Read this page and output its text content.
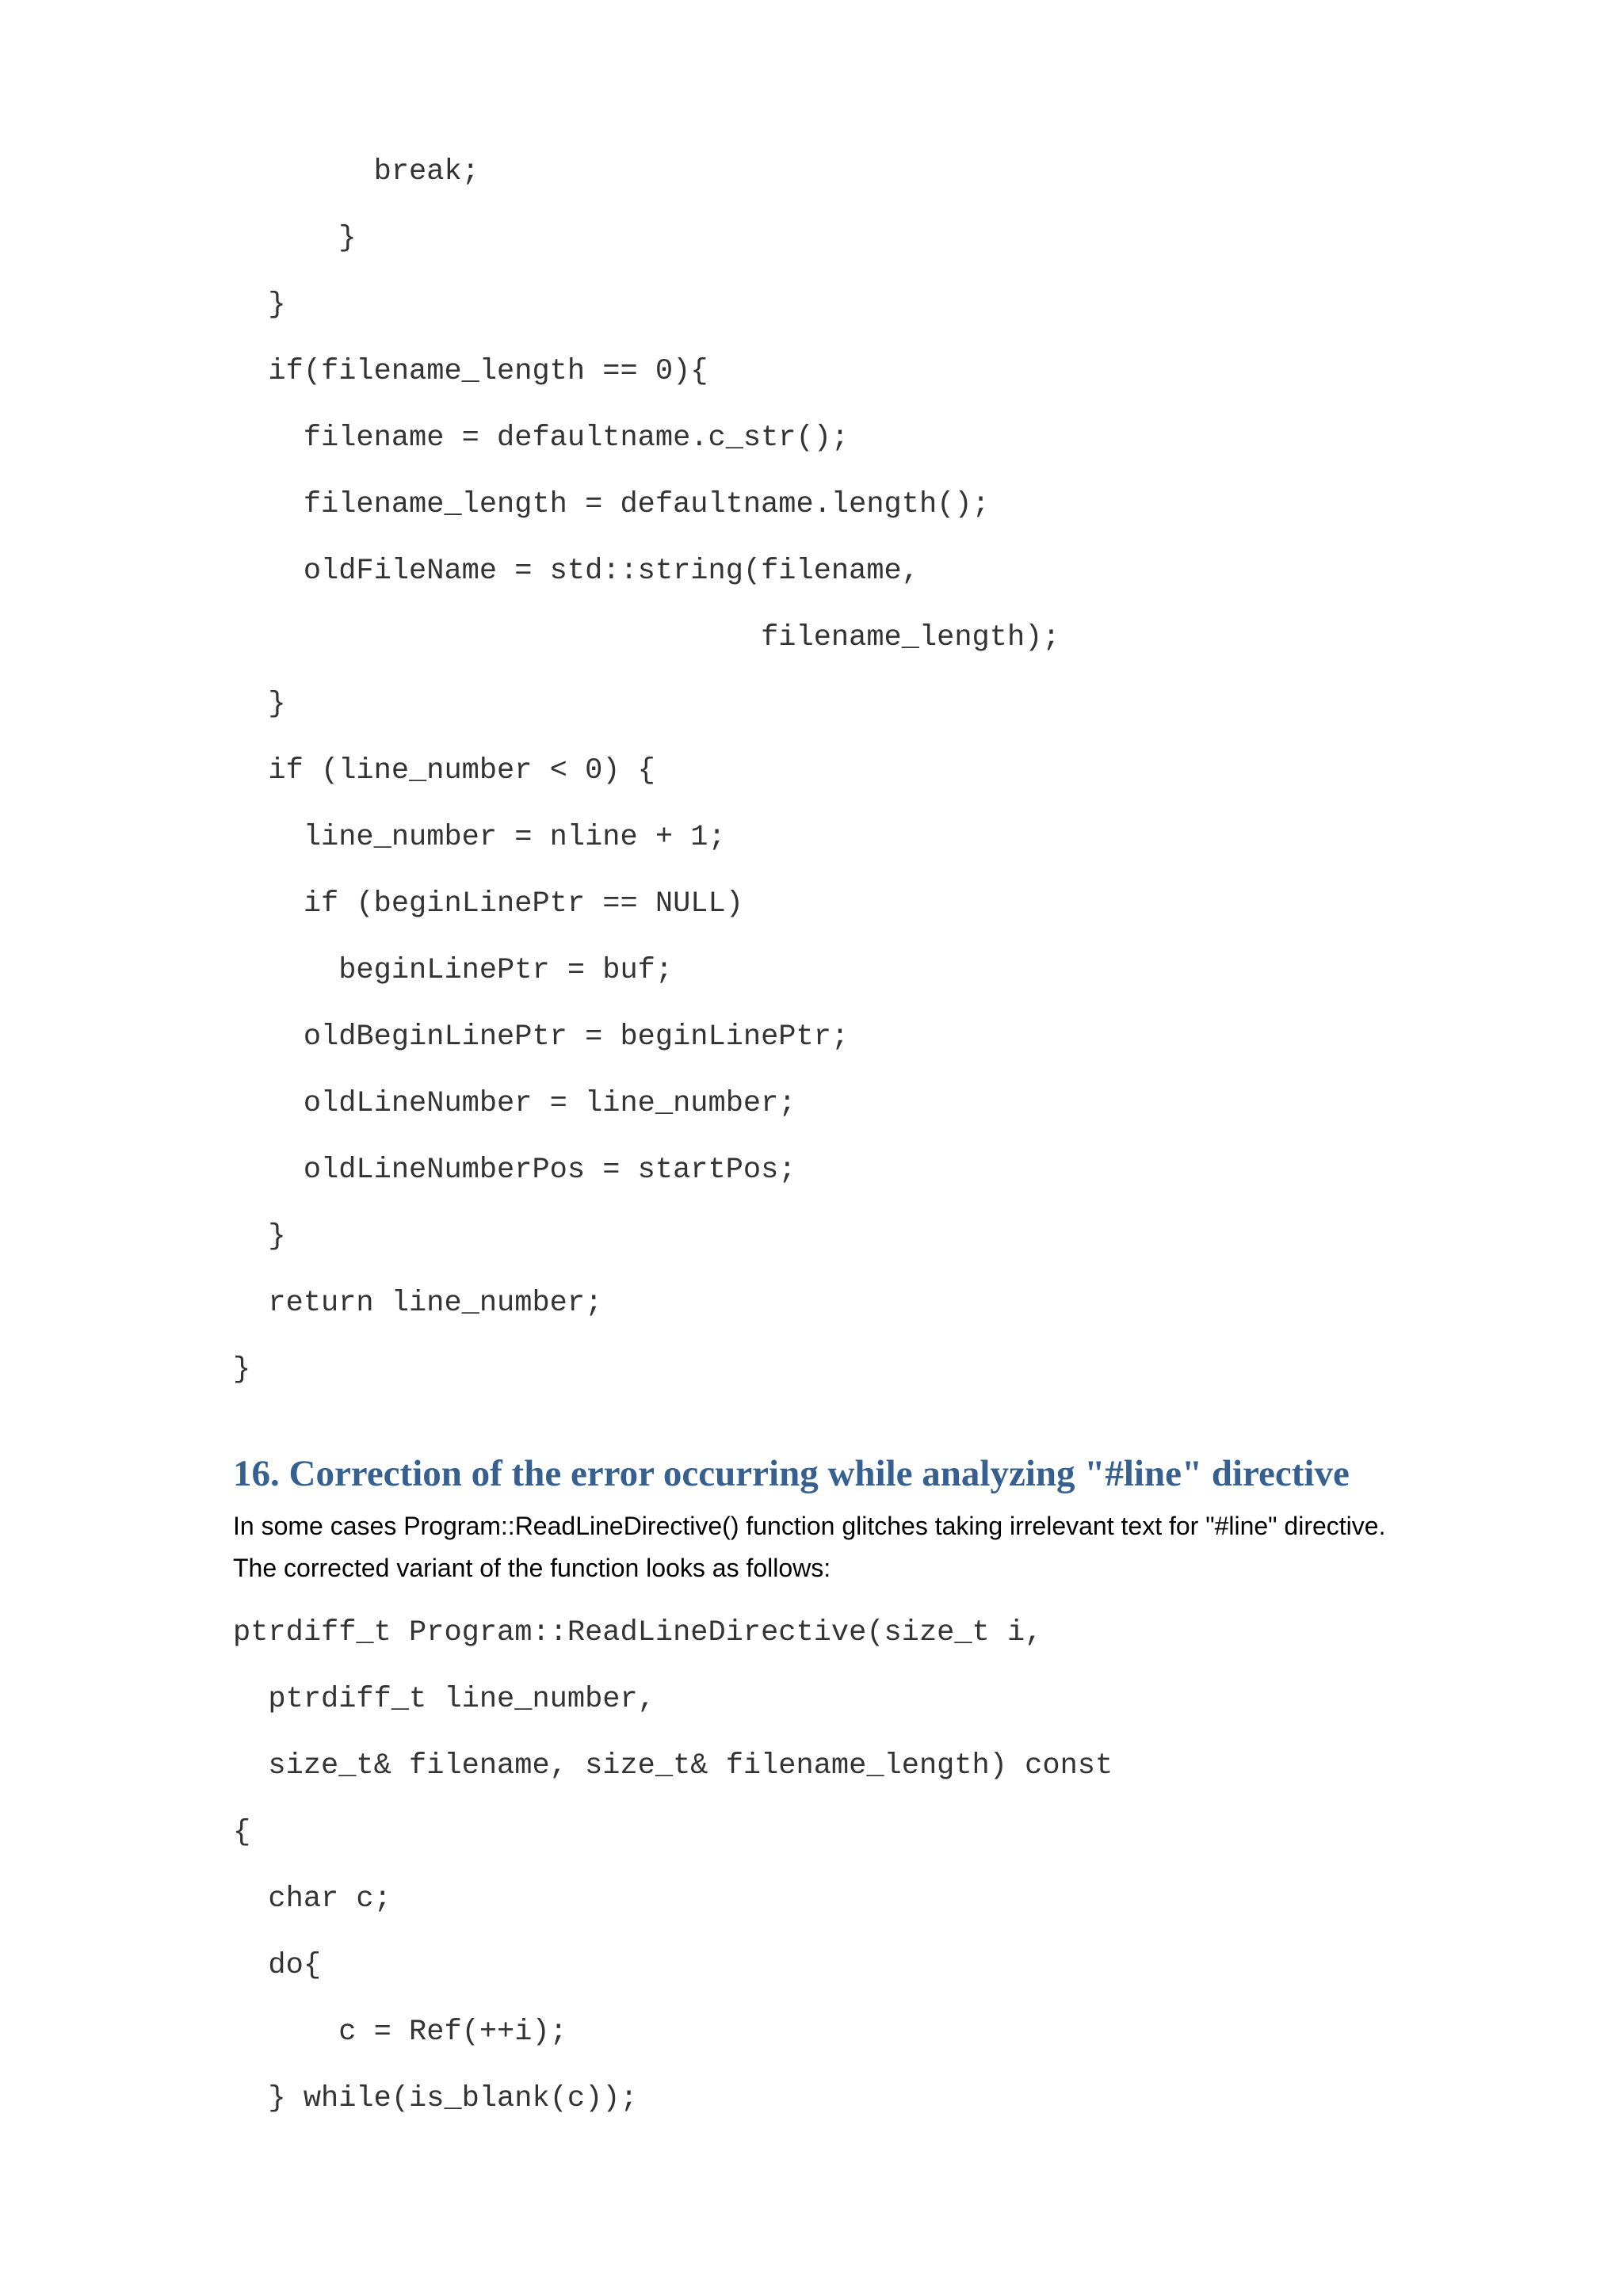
break;
}
}
if(filename_length == 0){
filename = defaultname.c_str();
filename_length = defaultname.length();
oldFileName = std::string(filename,
filename_length);
}
if (line_number < 0) {
line_number = nline + 1;
if (beginLinePtr == NULL)
beginLinePtr = buf;
oldBeginLinePtr = beginLinePtr;
oldLineNumber = line_number;
oldLineNumberPos = startPos;
}
return line_number;
}
16. Correction of the error occurring while analyzing "#line" directive

In some cases Program::ReadLineDirective() function glitches taking irrelevant text for "#line" directive.
The corrected variant of the function looks as follows:

ptrdiff_t Program::ReadLineDirective(size_t i,
ptrdiff_t line_number,
size_t& filename, size_t& filename_length) const
{
char c;
do{
c = Ref(++i);
} while(is_blank(c));
